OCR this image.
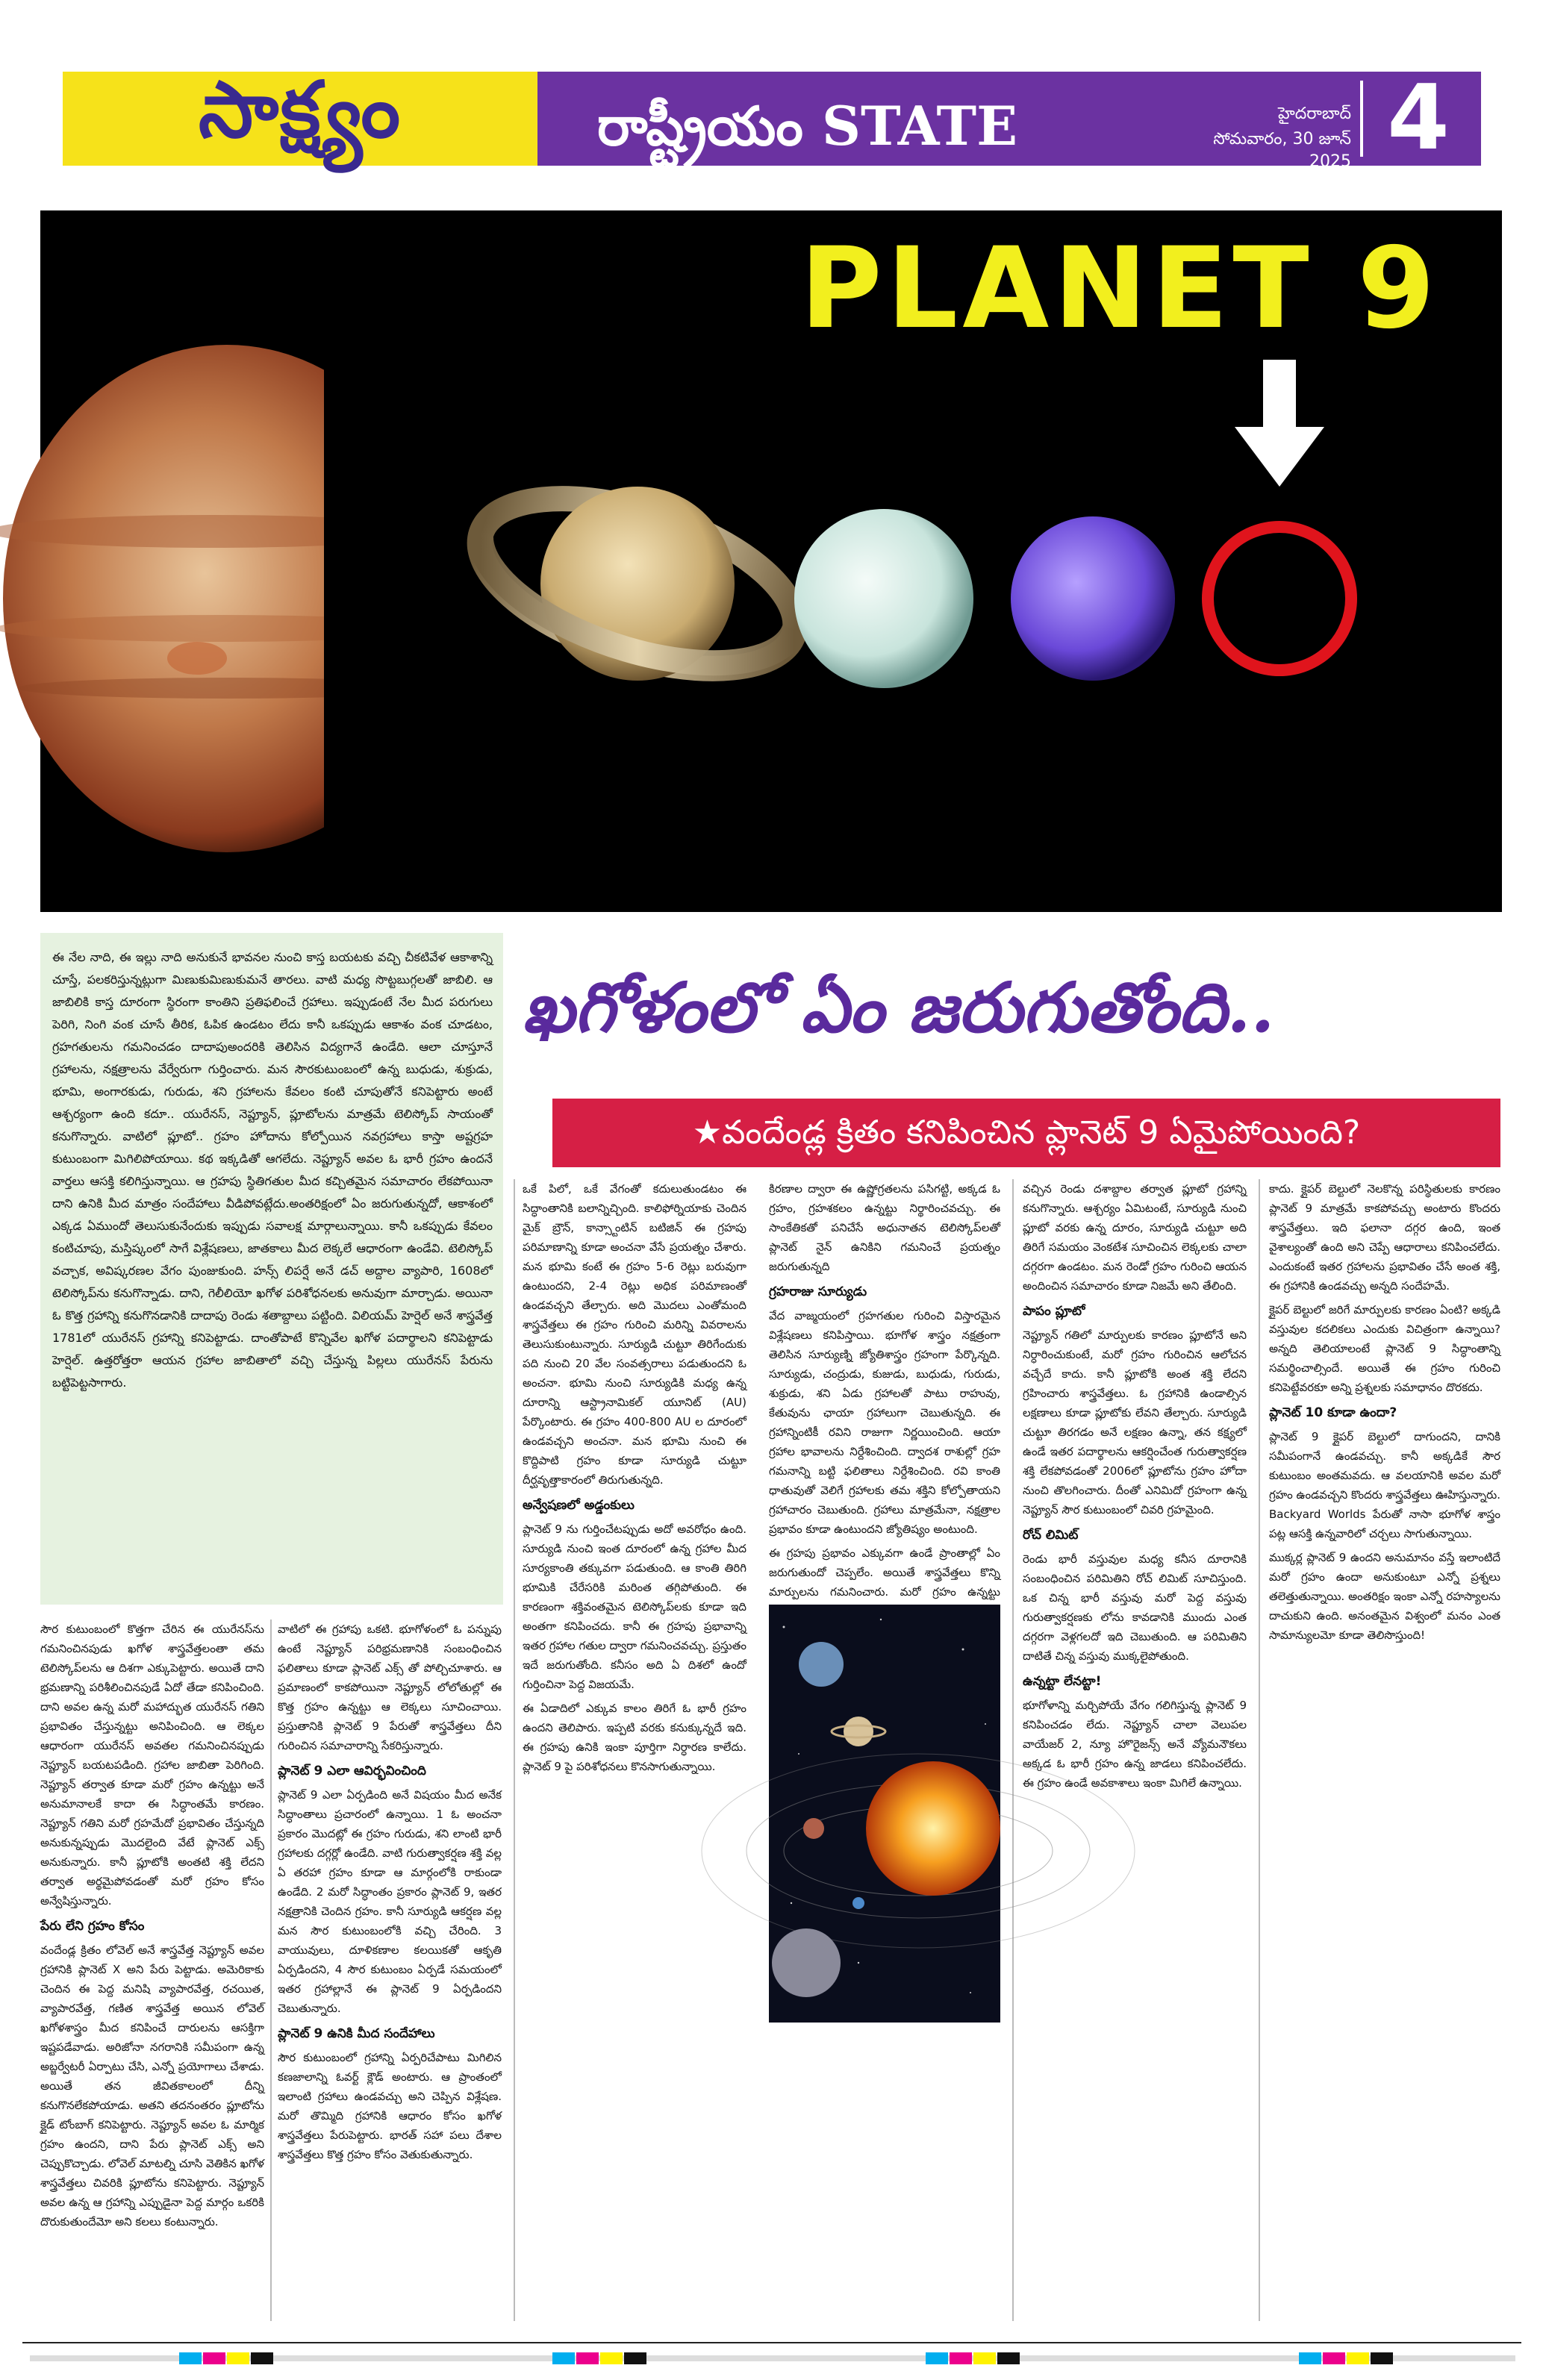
సాక్ష్యం	రాష్ట్రీయం STATE	హైదరాబాద్
సోమవారం, 30 జూన్ 2025 4
PLANET 9
ఈ నేల నాది, ఈ ఇల్లు నాది అనుకునే భావనల నుంచి కాస్త బయటకు వచ్చి చీకటివేళ ఆకాశాన్ని చూస్తే, పలకరిస్తున్నట్లుగా మిణుకుమిణుకుమనే తారలు. వాటి మధ్య సొట్టబుగ్గలతో జాబిలి. ఆ జాబిలికి కాస్త దూరంగా స్థిరంగా కాంతిని ప్రతిఫలించే గ్రహాలు. ఇప్పుడంటే నేల మీద పరుగులు పెరిగి, నింగి వంక చూసే తీరిక, ఓపిక ఉండటం లేదు కానీ ఒకప్పుడు ఆకాశం వంక చూడటం, గ్రహగతులను గమనించడం దాదాపుఅందరికి తెలిసిన విద్యగానే ఉండేది. ఆలా చూస్తూనే గ్రహాలను, నక్షత్రాలను వేర్వేరుగా గుర్తించారు. మన సౌరకుటుంబంలో ఉన్న బుధుడు, శుక్రుడు, భూమి, అంగారకుడు, గురుడు, శని గ్రహాలను కేవలం కంటి చూపుతోనే కనిపెట్టారు అంటే ఆశ్చర్యంగా ఉంది కదూ.. యురేనస్, నెప్ట్యూన్, ప్లూటోలను మాత్రమే టెలిస్కోప్ సాయంతో కనుగొన్నారు. వాటిలో ప్లూటో.. గ్రహం హోదాను కోల్పోయిన నవగ్రహాలు కాస్తా అష్టగ్రహ కుటుంబంగా మిగిలిపోయాయి. కథ ఇక్కడితో ఆగలేదు. నెప్ట్యూన్ అవల ఓ భారీ గ్రహం ఉందనే వార్తలు ఆసక్తి కలిగిస్తున్నాయి. ఆ గ్రహపు స్థితిగతుల మీద కచ్చితమైన సమాచారం లేకపోయినా దాని ఉనికి మీద మాత్రం సందేహాలు వీడిపోవట్లేదు.అంతరిక్షంలో ఏం జరుగుతున్నదో, ఆకాశంలో ఎక్కడ ఏముందో తెలుసుకునేందుకు ఇప్పుడు సవాలక్ష మార్గాలున్నాయి. కానీ ఒకప్పుడు కేవలం కంటిచూపు, మస్తిష్కంలో సాగే విశ్లేషణలు, జాతకాలు మీద లెక్కలే ఆధారంగా ఉండేవి. టెలిస్కోప్ వచ్చాక, అవిష్కరణల వేగం పుంజుకుంది. హన్స్ లిపర్షే అనే డచ్ అద్దాల వ్యాపారి, 1608లో టెలిస్కోప్‌ను కనుగొన్నాడు. దాని, గెలీలియో ఖగోళ పరిశోధనలకు అనువుగా మార్చాడు. అయినా ఓ కొత్త గ్రహాన్ని కనుగొనడానికి దాదాపు రెండు శతాబ్దాలు పట్టింది. విలియమ్ హెర్షెల్ అనే శాస్త్రవేత్త 1781లో యురేనస్ గ్రహాన్ని కనిపెట్టాడు. దాంతోపాటే కొన్నివేల ఖగోళ పదార్థాలని కనిపెట్టాడు హెర్షెల్. ఉత్తరోత్తరా ఆయన గ్రహాల జాబితాలో వచ్చి చేస్తున్న పిల్లలు యురేనస్ పేరును బట్టిపెట్టసాగారు.
ఖగోళంలో ఏం జరుగుతోంది..
★వందేండ్ల క్రితం కనిపించిన ప్లానెట్ 9 ఏమైపోయింది?

ఒకే పిలో, ఒకే వేగంతో కదులుతుండటం ఈ సిద్ధాంతానికి బలాన్నిచ్చింది. కాలిఫోర్నియాకు చెందిన మైక్ బ్రౌన్, కాన్స్టాంటిన్ బటిజిన్ ఈ గ్రహపు పరిమాణాన్ని కూడా అంచనా వేసే ప్రయత్నం చేశారు. మన భూమి కంటే ఈ గ్రహం 5-6 రెట్లు బరువుగా ఉంటుందని, 2-4 రెట్లు అధిక పరిమాణంతో ఉండవచ్చని తేల్చారు. అది మొదలు ఎంతోమంది శాస్త్రవేత్తలు ఈ గ్రహం గురించి మరిన్ని వివరాలను తెలుసుకుంటున్నారు. సూర్యుడి చుట్టూ తిరిగేందుకు పది నుంచి 20 వేల సంవత్సరాలు పడుతుందని ఓ అంచనా. భూమి నుంచి సూర్యుడికి మధ్య ఉన్న దూరాన్ని ఆస్ట్రానామికల్ యూనిట్ (AU) పేర్కొంటారు. ఈ గ్రహం 400-800 AU ల దూరంలో ఉండవచ్చని అంచనా. మన భూమి నుంచి ఈ కొద్దిపాటి గ్రహం కూడా సూర్యుడి చుట్టూ దీర్ఘవృత్తాకారంలో తిరుగుతున్నది.

అన్వేషణలో అడ్డంకులు

ప్లానెట్ 9 ను గుర్తించేటప్పుడు అదో అవరోధం ఉంది. సూర్యుడి నుంచి ఇంత దూరంలో ఉన్న గ్రహాల మీద సూర్యకాంతి తక్కువగా పడుతుంది. ఆ కాంతి తిరిగి భూమికి చేరేసరికి మరింత తగ్గిపోతుంది. ఈ కారణంగా శక్తివంతమైన టెలిస్కోప్‌లకు కూడా ఇది అంతగా కనిపించదు. కానీ ఈ గ్రహపు ప్రభావాన్ని ఇతర గ్రహాల గతుల ద్వారా గమనించవచ్చు. ప్రస్తుతం ఇదే జరుగుతోంది. కనీసం అది ఏ దిశలో ఉందో గుర్తించినా పెద్ద విజయమే.

ఈ ఏడాదిలో ఎక్కువ కాలం తిరిగే ఓ భారీ గ్రహం ఉందని తెలిపారు. ఇప్పటి వరకు కనుక్కున్నదే ఇది. ఈ గ్రహపు ఉనికి ఇంకా పూర్తిగా నిర్ధారణ కాలేదు. ప్లానెట్ 9 పై పరిశోధనలు కొనసాగుతున్నాయి.

కిరణాల ద్వారా ఈ ఉష్ణోగ్రతలను పసిగట్టి, అక్కడ ఓ గ్రహం, గ్రహశకలం ఉన్నట్టు నిర్థారించవచ్చు. ఈ సాంకేతికతో పనిచేసే అధునాతన టెలిస్కోప్‌లతో ప్లానెట్ నైన్ ఉనికిని గమనించే ప్రయత్నం జరుగుతున్నది

గ్రహరాజు సూర్యుడు

వేద వాజ్మయంలో గ్రహగతుల గురించి విస్తారమైన విశ్లేషణలు కనిపిస్తాయి. భూగోళ శాస్త్రం నక్షత్రంగా తెలిసిన సూర్యుణ్ని జ్యోతిశాస్త్రం గ్రహంగా పేర్కొన్నది. సూర్యుడు, చంద్రుడు, కుజుడు, బుధుడు, గురుడు, శుక్రుడు, శని ఏడు గ్రహాలతో పాటు రాహువు, కేతువును ఛాయా గ్రహాలుగా చెబుతున్నది. ఈ గ్రహాన్నింటికీ రవిని రాజుగా నిర్ణయించింది. ఆయా గ్రహాల భావాలను నిర్దేశించింది. ద్వాదశ రాశుల్లో గ్రహ గమనాన్ని బట్టి ఫలితాలు నిర్దేశించింది. రవి కాంతి ధాతువుతో వెలిగే గ్రహాలకు తమ శక్తిని కోల్పోతాయని గ్రహాచారం చెబుతుంది. గ్రహాలు మాత్రమేనా, నక్షత్రాల ప్రభావం కూడా ఉంటుందని జ్యోతిష్యం అంటుంది.

ఈ గ్రహపు ప్రభావం ఎక్కువగా ఉండే ప్రాంతాల్లో ఏం జరుగుతుందో చెప్పలేం. అయితే శాస్త్రవేత్తలు కొన్ని మార్పులను గమనించారు. మరో గ్రహం ఉన్నట్టు

వచ్చిన రెండు దశాబ్దాల తర్వాత ప్లూటో గ్రహాన్ని కనుగొన్నారు. ఆశ్చర్యం ఏమిటంటే, సూర్యుడి నుంచి ప్లూటో వరకు ఉన్న దూరం, సూర్యుడి చుట్టూ అది తిరిగే సమయం వెంకటేశ సూచించిన లెక్కలకు చాలా దగ్గరగా ఉండటం. మన రెండో గ్రహం గురించి ఆయన అందించిన సమాచారం కూడా నిజమే అని తేలింది.

పాపం ప్లూటో

నెప్ట్యూన్ గతిలో మార్పులకు కారణం ప్లూటోనే అని నిర్ధారించుకుంటే, మరో గ్రహం గురించిన ఆలోచన వచ్చేదే కాదు. కానీ ప్లూటోకి అంత శక్తి లేదని గ్రహించారు శాస్త్రవేత్తలు. ఓ గ్రహానికి ఉండాల్సిన లక్షణాలు కూడా ప్లూటోకు లేవని తేల్చారు. సూర్యుడి చుట్టూ తిరగడం అనే లక్షణం ఉన్నా, తన కక్ష్యలో ఉండే ఇతర పదార్థాలను ఆకర్షించేంత గురుత్వాకర్షణ శక్తి లేకపోవడంతో 2006లో ప్లూటోను గ్రహం హోదా నుంచి తొలగించారు. దీంతో ఎనిమిదో గ్రహంగా ఉన్న నెప్ట్యూన్ సౌర కుటుంబంలో చివరి గ్రహమైంది.

రోచ్ లిమిట్

రెండు భారీ వస్తువుల మధ్య కనీస దూరానికి సంబంధించిన పరిమితిని రోచ్ లిమిట్ సూచిస్తుంది. ఒక చిన్న భారీ వస్తువు మరో పెద్ద వస్తువు గురుత్వాకర్షణకు లోను కావడానికి ముందు ఎంత దగ్గరగా వెళ్లగలదో ఇది చెబుతుంది. ఆ పరిమితిని దాటితే చిన్న వస్తువు ముక్కలైపోతుంది.

ఉన్నట్టా లేనట్టా!

భూగోళాన్ని మర్చిపోయే వేగం గలిగిస్తున్న ప్లానెట్ 9 కనిపించడం లేదు. నెప్ట్యూన్ చాలా వెలుపల వాయేజర్ 2, న్యూ హొరైజన్స్ అనే వ్యోమనౌకలు అక్కడ ఓ భారీ గ్రహం ఉన్న జాడలు కనిపించలేదు. ఈ గ్రహం ఉండే అవకాశాలు ఇంకా మిగిలే ఉన్నాయి.

కాదు. క్లైపర్ బెల్టులో నెలకొన్న పరిస్థితులకు కారణం ప్లానెట్ 9 మాత్రమే కాకపోవచ్చు అంటారు కొందరు శాస్త్రవేత్తలు. ఇది ఫలానా దగ్గర ఉంది, ఇంత వైశాల్యంతో ఉంది అని చెప్పే ఆధారాలు కనిపించలేదు. ఎందుకంటే ఇతర గ్రహాలను ప్రభావితం చేసే అంత శక్తి, ఈ గ్రహానికి ఉండవచ్చు అన్నది సందేహమే.

క్లైపర్ బెల్టులో జరిగే మార్పులకు కారణం ఏంటి? అక్కడి వస్తువుల కదలికలు ఎందుకు విచిత్రంగా ఉన్నాయి? అన్నది తెలియాలంటే ప్లానెట్ 9 సిద్ధాంతాన్ని సమర్థించాల్సిందే. అయితే ఈ గ్రహం గురించి కనిపెట్టేవరకూ అన్ని ప్రశ్నలకు సమాధానం దొరకదు.

ప్లానెట్ 10 కూడా ఉందా?

ప్లానెట్ 9 క్లైపర్ బెల్టులో దాగుందని, దానికి సమీపంగానే ఉండవచ్చు. కానీ అక్కడికే సౌర కుటుంబం అంతమవదు. ఆ వలయానికి అవల మరో గ్రహం ఉండవచ్చని కొందరు శాస్త్రవేత్తలు ఊహిస్తున్నారు. Backyard Worlds పేరుతో నాసా భూగోళ శాస్త్రం పట్ల ఆసక్తి ఉన్నవారిలో చర్చలు సాగుతున్నాయి.

ముక్కర్ల ప్లానెట్ 9 ఉందని అనుమానం వస్తే ఇలాంటిదే మరో గ్రహం ఉందా అనుకుంటూ ఎన్నో ప్రశ్నలు తలెత్తుతున్నాయి. అంతరిక్షం ఇంకా ఎన్నో రహస్యాలను దాచుకుని ఉంది. అనంతమైన విశ్వంలో మనం ఎంత సామాన్యులమో కూడా తెలిసొస్తుంది!

సౌర కుటుంబంలో కొత్తగా చేరిన ఈ యురేనస్‌ను గమనించినపుడు ఖగోళ శాస్త్రవేత్తలంతా తమ టెలిస్కోప్‌లను ఆ దిశగా ఎక్కుపెట్టారు. అయితే దాని భ్రమణాన్ని పరిశీలించినపుడే ఏదో తేడా కనిపించింది. దాని అవల ఉన్న మరో మహాద్భుత యురేనస్ గతిని ప్రభావితం చేస్తున్నట్టు అనిపించింది. ఆ లెక్కల ఆధారంగా యురేనస్ అవతల గమనించినప్పుడు నెప్ట్యూన్ బయటపడింది. గ్రహాల జాబితా పెరిగింది. నెప్ట్యూన్ తర్వాత కూడా మరో గ్రహం ఉన్నట్టు అనే అనుమానాలకే కాదా ఈ సిద్ధాంతమే కారణం. నెప్ట్యూన్ గతిని మరో గ్రహమేదో ప్రభావితం చేస్తున్నది అనుకున్నప్పుడు మొదలైంది వేటే ప్లానెట్ ఎక్స్ అనుకున్నారు. కానీ ప్లూటోకి అంతటి శక్తి లేదని తర్వాత అర్థమైపోవడంతో మరో గ్రహం కోసం అన్వేషిస్తున్నారు.

పేరు లేని గ్రహం కోసం

వందేండ్ల క్రితం లోవెల్ అనే శాస్త్రవేత్త నెప్ట్యూన్ అవల గ్రహానికి ప్లానెట్ X అని పేరు పెట్టాడు. అమెరికాకు చెందిన ఈ పెద్ద మనిషి వ్యాపారవేత్త, రచయిత, వ్యాపారవేత్త, గణిత శాస్త్రవేత్త అయిన లోవెల్ ఖగోళశాస్త్రం మీద కనిపించే దారులను ఆసక్తిగా ఇష్టపడేవాడు. అరిజోనా నగరానికి సమీపంగా ఉన్న అబ్జర్వేటరీ ఏర్పాటు చేసి, ఎన్నో ప్రయోగాలు చేశాడు. అయితే తన జీవితకాలంలో దీన్ని కనుగొనలేకపోయాడు. అతని తదనంతరం ప్లూటోను క్లైడ్ టోంబాగ్ కనిపెట్టారు. నెప్ట్యూన్ అవల ఓ మార్మిక గ్రహం ఉందని, దాని పేరు ప్లానెట్ ఎక్స్ అని చెప్పుకొచ్చాడు. లోవెల్ మాటల్ని చూసి వెతికిన ఖగోళ శాస్త్రవేత్తలు చివరికి ప్లూటోను కనిపెట్టారు. నెప్ట్యూన్ అవల ఉన్న ఆ గ్రహాన్ని ఎప్పుడైనా పెద్ద మార్గం ఒకరికి దొరుకుతుందేమో అని కలలు కంటున్నారు.

వాటిలో ఈ గ్రహాపు ఒకటి. భూగోళంలో ఓ పన్నుపు ఉంటే నెప్ట్యూన్ పరిభ్రమణానికి సంబంధించిన ఫలితాలు కూడా ప్లానెట్ ఎక్స్ తో పోల్చిచూశారు. ఆ ప్రమాణంలో కాకపోయినా నెప్ట్యూన్ లోలోతుల్లో ఈ కొత్త గ్రహం ఉన్నట్టు ఆ లెక్కలు సూచించాయి. ప్రస్తుతానికి ప్లానెట్ 9 పేరుతో శాస్త్రవేత్తలు దీని గురించిన సమాచారాన్ని సేకరిస్తున్నారు.

ప్లానెట్ 9 ఎలా ఆవిర్భవించింది

ప్లానెట్ 9 ఎలా ఏర్పడింది అనే విషయం మీద అనేక సిద్ధాంతాలు ప్రచారంలో ఉన్నాయి. 1 ఓ అంచనా ప్రకారం మొదట్లో ఈ గ్రహం గురుడు, శని లాంటి భారీ గ్రహాలకు దగ్గర్లో ఉండేది. వాటి గురుత్వాకర్షణ శక్తి వల్ల ఏ తరహా గ్రహం కూడా ఆ మార్గంలోకి రాకుండా ఉండేది. 2 మరో సిద్ధాంతం ప్రకారం ప్లానెట్ 9, ఇతర నక్షత్రానికి చెందిన గ్రహం. కానీ సూర్యుడి ఆకర్షణ వల్ల మన సౌర కుటుంబంలోకి వచ్చి చేరింది. 3 వాయువులు, దూళికణాల కలయికతో ఆకృతి ఏర్పడిందని, 4 సౌర కుటుంబం ఏర్పడే సమయంలో ఇతర గ్రహాల్లానే ఈ ప్లానెట్ 9 ఏర్పడిందని చెబుతున్నారు.

ప్లానెట్ 9 ఉనికి మీద సందేహాలు

సౌర కుటుంబంలో గ్రహాన్ని ఏర్పరిచేపాటు మిగిలిన కణజాలాన్ని ఓవర్ట్ క్లౌడ్ అంటారు. ఆ ప్రాంతంలో ఇలాంటి గ్రహాలు ఉండవచ్చు అని చెప్పిన విశ్లేషణ. మరో తొమ్మిది గ్రహానికి ఆధారం కోసం ఖగోళ శాస్త్రవేత్తలు పేరుపెట్టారు. భారత్ సహా పలు దేశాల శాస్త్రవేత్తలు కొత్త గ్రహం కోసం వెతుకుతున్నారు.
